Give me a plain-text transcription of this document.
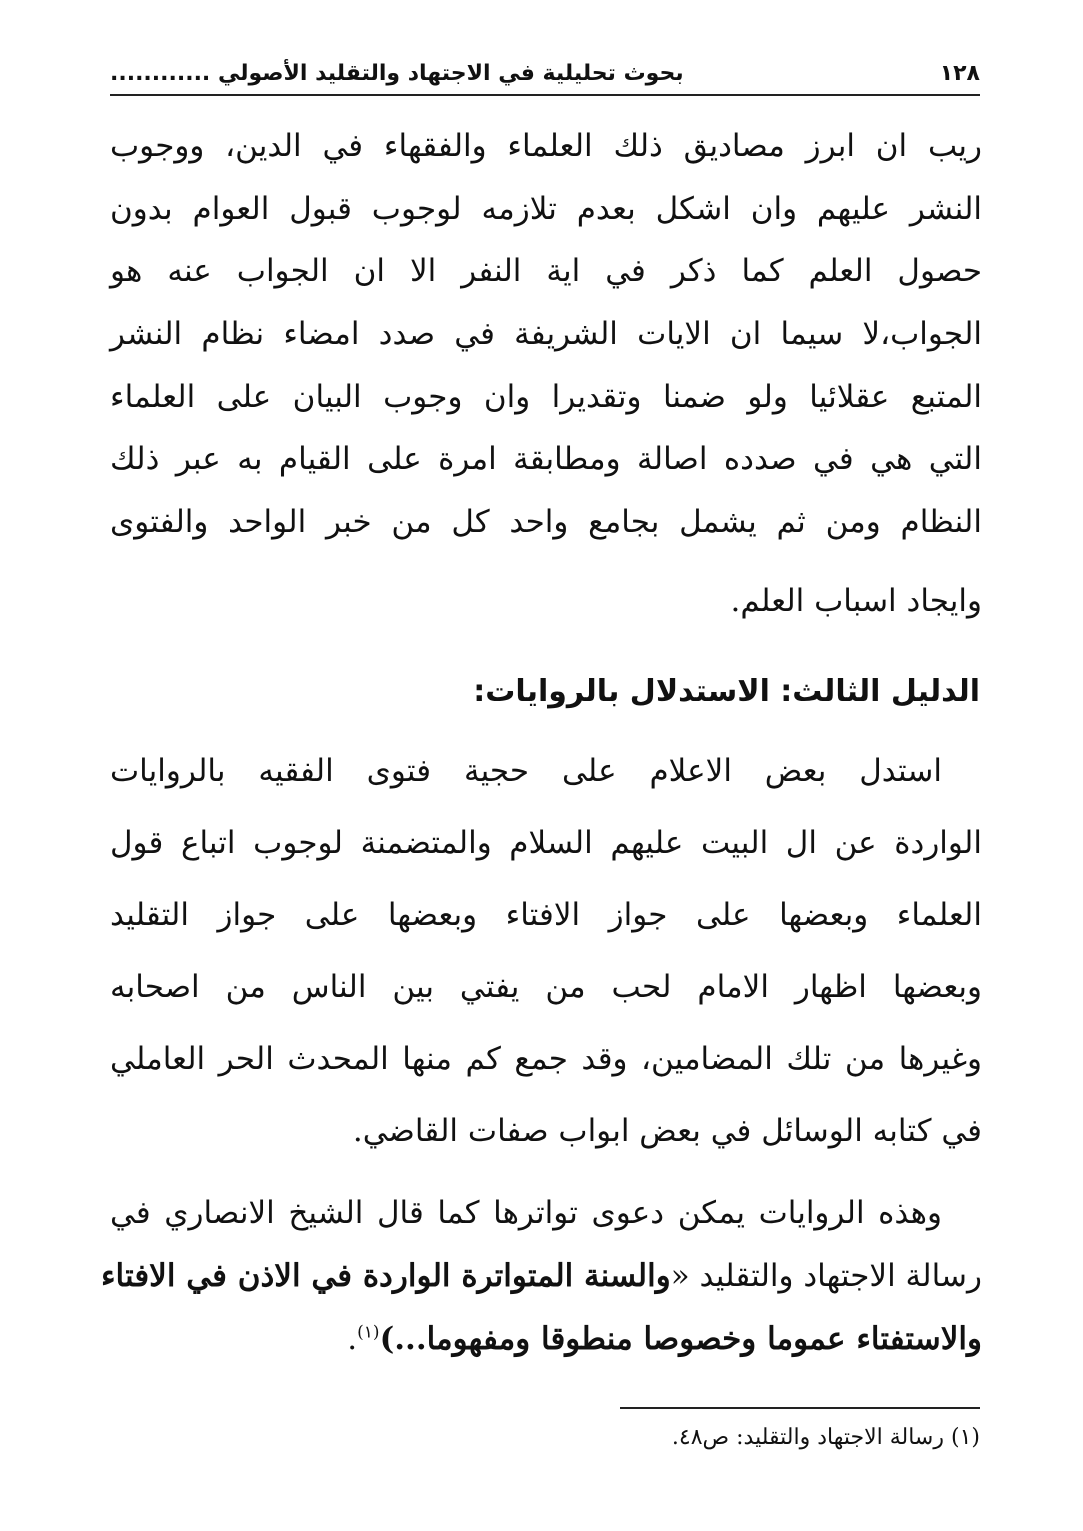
١٢٨
بحوث تحليلية في الاجتهاد والتقليد الأصولي ............
ريب ان ابرز مصاديق ذلك العلماء والفقهاء في الدين، ووجوب
النشر عليهم وان اشكل بعدم تلازمه لوجوب قبول العوام بدون
حصول العلم كما ذكر في اية النفر الا ان الجواب عنه هو
الجواب،لا سيما ان الايات الشريفة في صدد امضاء نظام النشر
المتبع عقلائيا ولو ضمنا وتقديرا وان وجوب البيان على العلماء
التي هي في صدده اصالة ومطابقة امرة على القيام به عبر ذلك
النظام ومن ثم يشمل بجامع واحد كل من خبر الواحد والفتوى
وايجاد اسباب العلم.
الدليل الثالث: الاستدلال بالروايات:
استدل بعض الاعلام على حجية فتوى الفقيه بالروايات
الواردة عن ال البيت عليهم السلام والمتضمنة لوجوب اتباع قول
العلماء وبعضها على جواز الافتاء وبعضها على جواز التقليد
وبعضها اظهار الامام لحب من يفتي بين الناس من اصحابه
وغيرها من تلك المضامين، وقد جمع كم منها المحدث الحر العاملي
في كتابه الوسائل في بعض ابواب صفات القاضي.
وهذه الروايات يمكن دعوى تواترها كما قال الشيخ الانصاري في
رسالة الاجتهاد والتقليد «والسنة المتواترة الواردة في الاذن في الافتاء
والاستفتاء عموما وخصوصا منطوقا ومفهوما...)$^{(١)}$.
(١) رسالة الاجتهاد والتقليد: ص٤٨.
